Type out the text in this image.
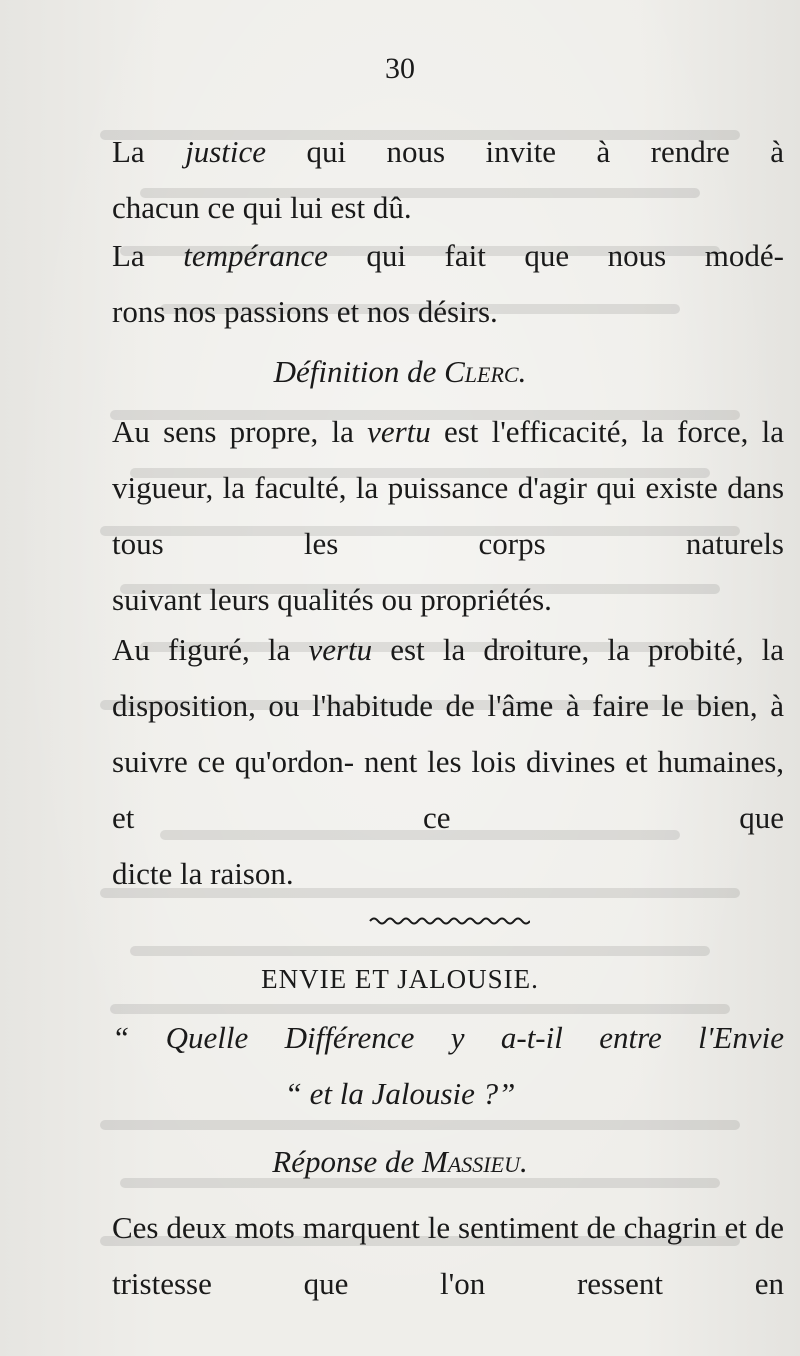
30
La justice qui nous invite à rendre à
chacun ce qui lui est dû.
La tempérance qui fait que nous modé-
rons nos passions et nos désirs.
Définition de Clerc.
Au sens propre, la vertu est l'efficacité, la force, la vigueur, la faculté, la puissance d'agir qui existe dans tous les corps naturels
suivant leurs qualités ou propriétés.
Au figuré, la vertu est la droiture, la probité, la disposition, ou l'habitude de l'âme à faire le bien, à suivre ce qu'ordon- nent les lois divines et humaines, et ce que
dicte la raison.
ENVIE ET JALOUSIE.
“ Quelle Différence y a-t-il entre l'Envie
“ et la Jalousie ?”
Réponse de Massieu.
Ces deux mots marquent le sentiment de chagrin et de tristesse que l'on ressent en
